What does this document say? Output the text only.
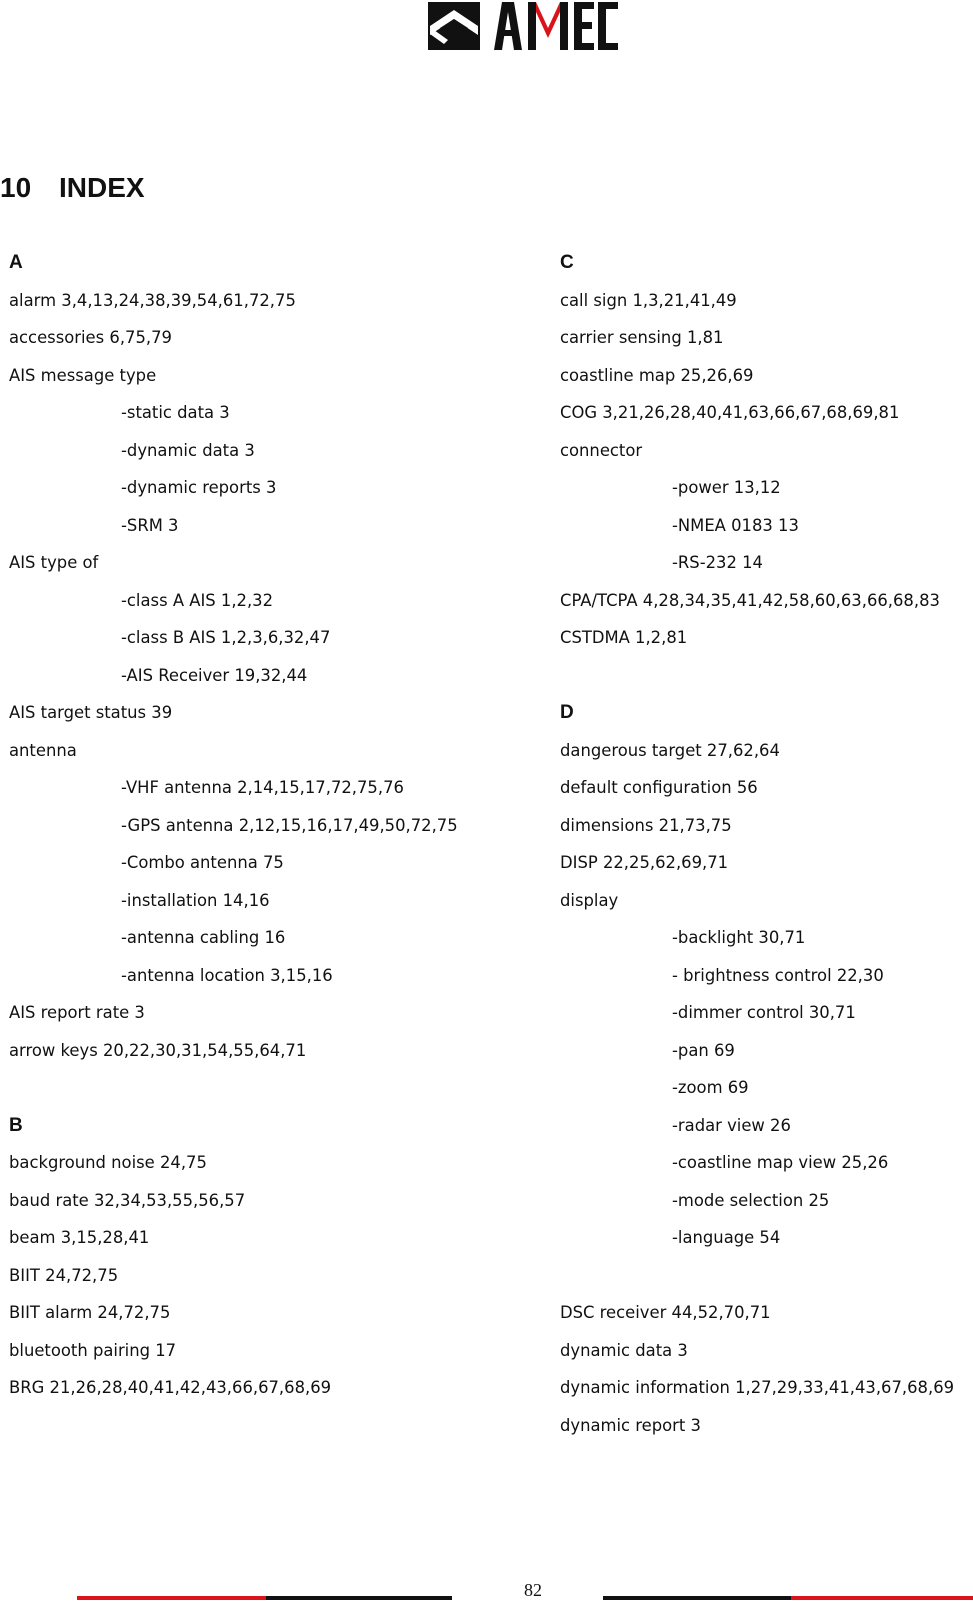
10 INDEX
A
alarm 3,4,13,24,38,39,54,61,72,75
accessories 6,75,79
AIS message type
-static data 3
-dynamic data 3
-dynamic reports 3
-SRM 3
AIS type of
-class A AIS 1,2,32
-class B AIS 1,2,3,6,32,47
-AIS Receiver 19,32,44
AIS target status 39
antenna
-VHF antenna 2,14,15,17,72,75,76
-GPS antenna 2,12,15,16,17,49,50,72,75
-Combo antenna 75
-installation 14,16
-antenna cabling 16
-antenna location 3,15,16
AIS report rate 3
arrow keys 20,22,30,31,54,55,64,71
B
background noise 24,75
baud rate 32,34,53,55,56,57
beam 3,15,28,41
BIIT 24,72,75
BIIT alarm 24,72,75
bluetooth pairing 17
BRG 21,26,28,40,41,42,43,66,67,68,69
C
call sign 1,3,21,41,49
carrier sensing 1,81
coastline map 25,26,69
COG 3,21,26,28,40,41,63,66,67,68,69,81
connector
-power 13,12
-NMEA 0183 13
-RS-232 14
CPA/TCPA 4,28,34,35,41,42,58,60,63,66,68,83
CSTDMA 1,2,81
D
dangerous target 27,62,64
default configuration 56
dimensions 21,73,75
DISP 22,25,62,69,71
display
-backlight 30,71
- brightness control 22,30
-dimmer control 30,71
-pan 69
-zoom 69
-radar view 26
-coastline map view 25,26
-mode selection 25
-language 54
DSC receiver 44,52,70,71
dynamic data 3
dynamic information 1,27,29,33,41,43,67,68,69
dynamic report 3
82
